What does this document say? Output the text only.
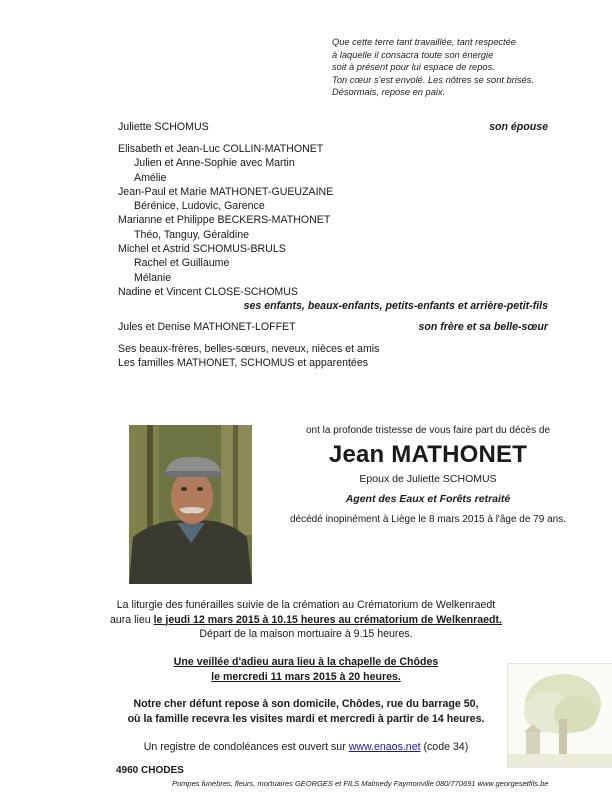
Que cette terre tant travaillée, tant respectée
à laquelle il consacra toute son énergie
soit à présent pour lui espace de repos.
Ton cœur s'est envolé. Les nôtres se sont brisés.
Désormais, repose en paix.
Juliette SCHOMUS	son épouse
Elisabeth et Jean-Luc COLLIN-MATHONET
Julien et Anne-Sophie avec Martin
Amélie
Jean-Paul et Marie MATHONET-GUEUZAINE
Bérénice, Ludovic, Garence
Marianne et Philippe BECKERS-MATHONET
Théo, Tanguy, Géraldine
Michel et Astrid SCHOMUS-BRULS
Rachel et Guillaume
Mélanie
Nadine et Vincent CLOSE-SCHOMUS
ses enfants, beaux-enfants, petits-enfants et arrière-petit-fils
Jules et Denise MATHONET-LOFFET	son frère et sa belle-sœur
Ses beaux-frères, belles-sœurs, neveux, nièces et amis
Les familles MATHONET, SCHOMUS et apparentées
ont la profonde tristesse de vous faire part du décès de
Jean MATHONET
Epoux de Juliette SCHOMUS
Agent des Eaux et Forêts retraité
décédé inopinément à Liège le 8 mars 2015 à l'âge de 79 ans.
La liturgie des funérailles suivie de la crémation au Crématorium de Welkenraedt
aura lieu le jeudi 12 mars 2015 à 10.15 heures au crématorium de Welkenraedt.
Départ de la maison mortuaire à 9.15 heures.
Une veillée d'adieu aura lieu à la chapelle de Chôdes
le mercredi 11 mars 2015 à 20 heures.
Notre cher défunt repose à son domicile, Chôdes, rue du barrage 50,
où la famille recevra les visites mardi et mercredi à partir de 14 heures.
Un registre de condoléances est ouvert sur www.enaos.net (code 34)
4960 CHODES
Pompes funèbres, fleurs, mortuaires GEORGES et FILS Malmedy Faymonville 080/770691 www.georgesetfils.be
